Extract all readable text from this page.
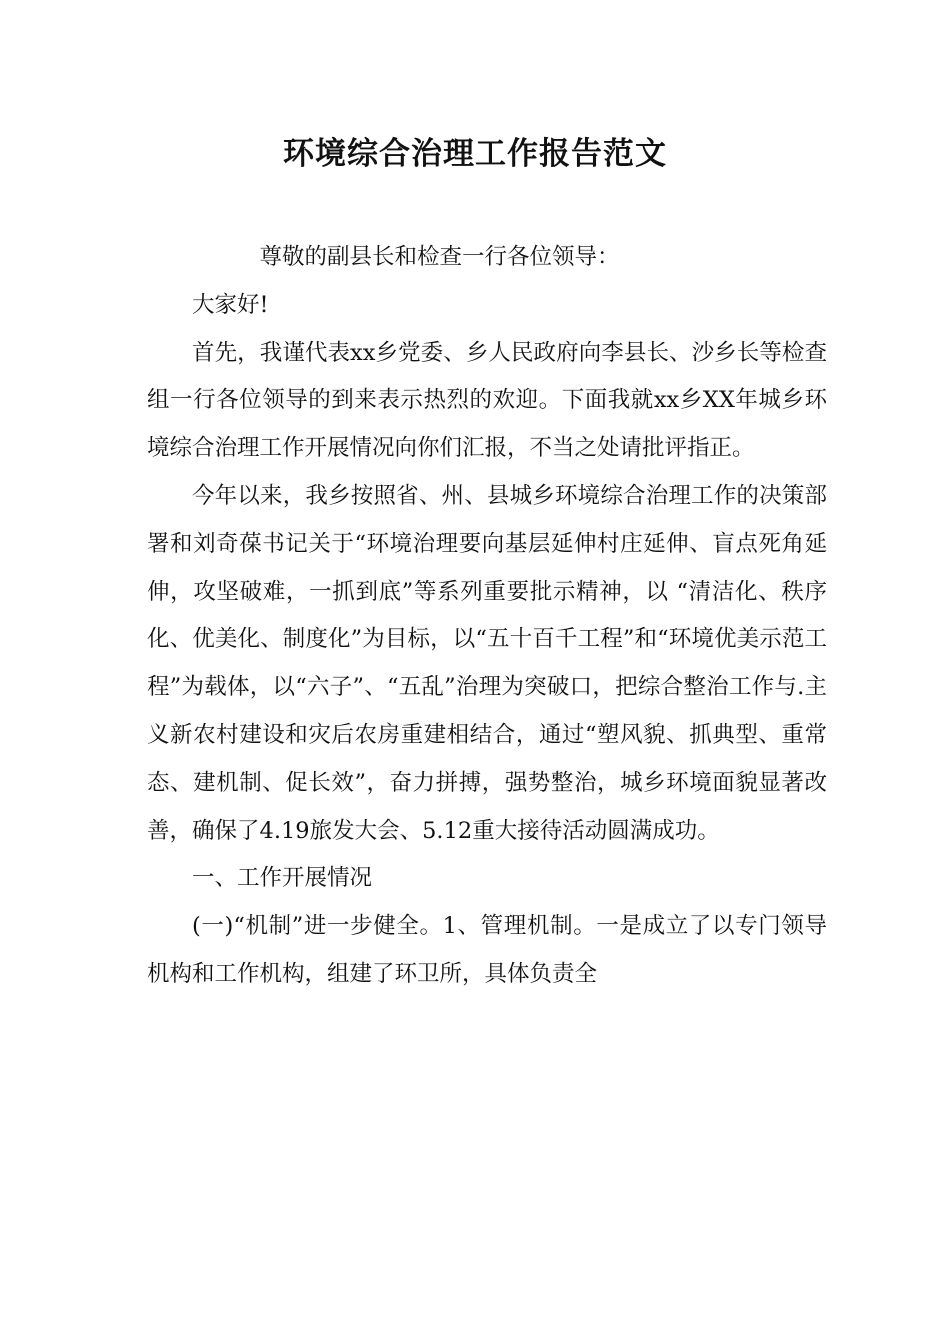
环境综合治理工作报告范文

尊敬的副县长和检查一行各位领导：

大家好!

首先，我谨代表xx乡党委、乡人民政府向李县长、沙乡长等检查组一行各位领导的到来表示热烈的欢迎。下面我就xx乡XX年城乡环境综合治理工作开展情况向你们汇报，不当之处请批评指正。

今年以来，我乡按照省、州、县城乡环境综合治理工作的决策部署和刘奇葆书记关于“环境治理要向基层延伸村庄延伸、盲点死角延伸，攻坚破难，一抓到底”等系列重要批示精神，以 “清洁化、秩序化、优美化、制度化”为目标，以“五十百千工程”和“环境优美示范工程”为载体，以“六子”、“五乱”治理为突破口，把综合整治工作与.主义新农村建设和灾后农房重建相结合，通过“塑风貌、抓典型、重常态、建机制、促长效”，奋力拼搏，强势整治，城乡环境面貌显著改善，确保了4.19旅发大会、5.12重大接待活动圆满成功。

一、工作开展情况

(一)“机制”进一步健全。1、管理机制。一是成立了以专门领导机构和工作机构，组建了环卫所，具体负责全
